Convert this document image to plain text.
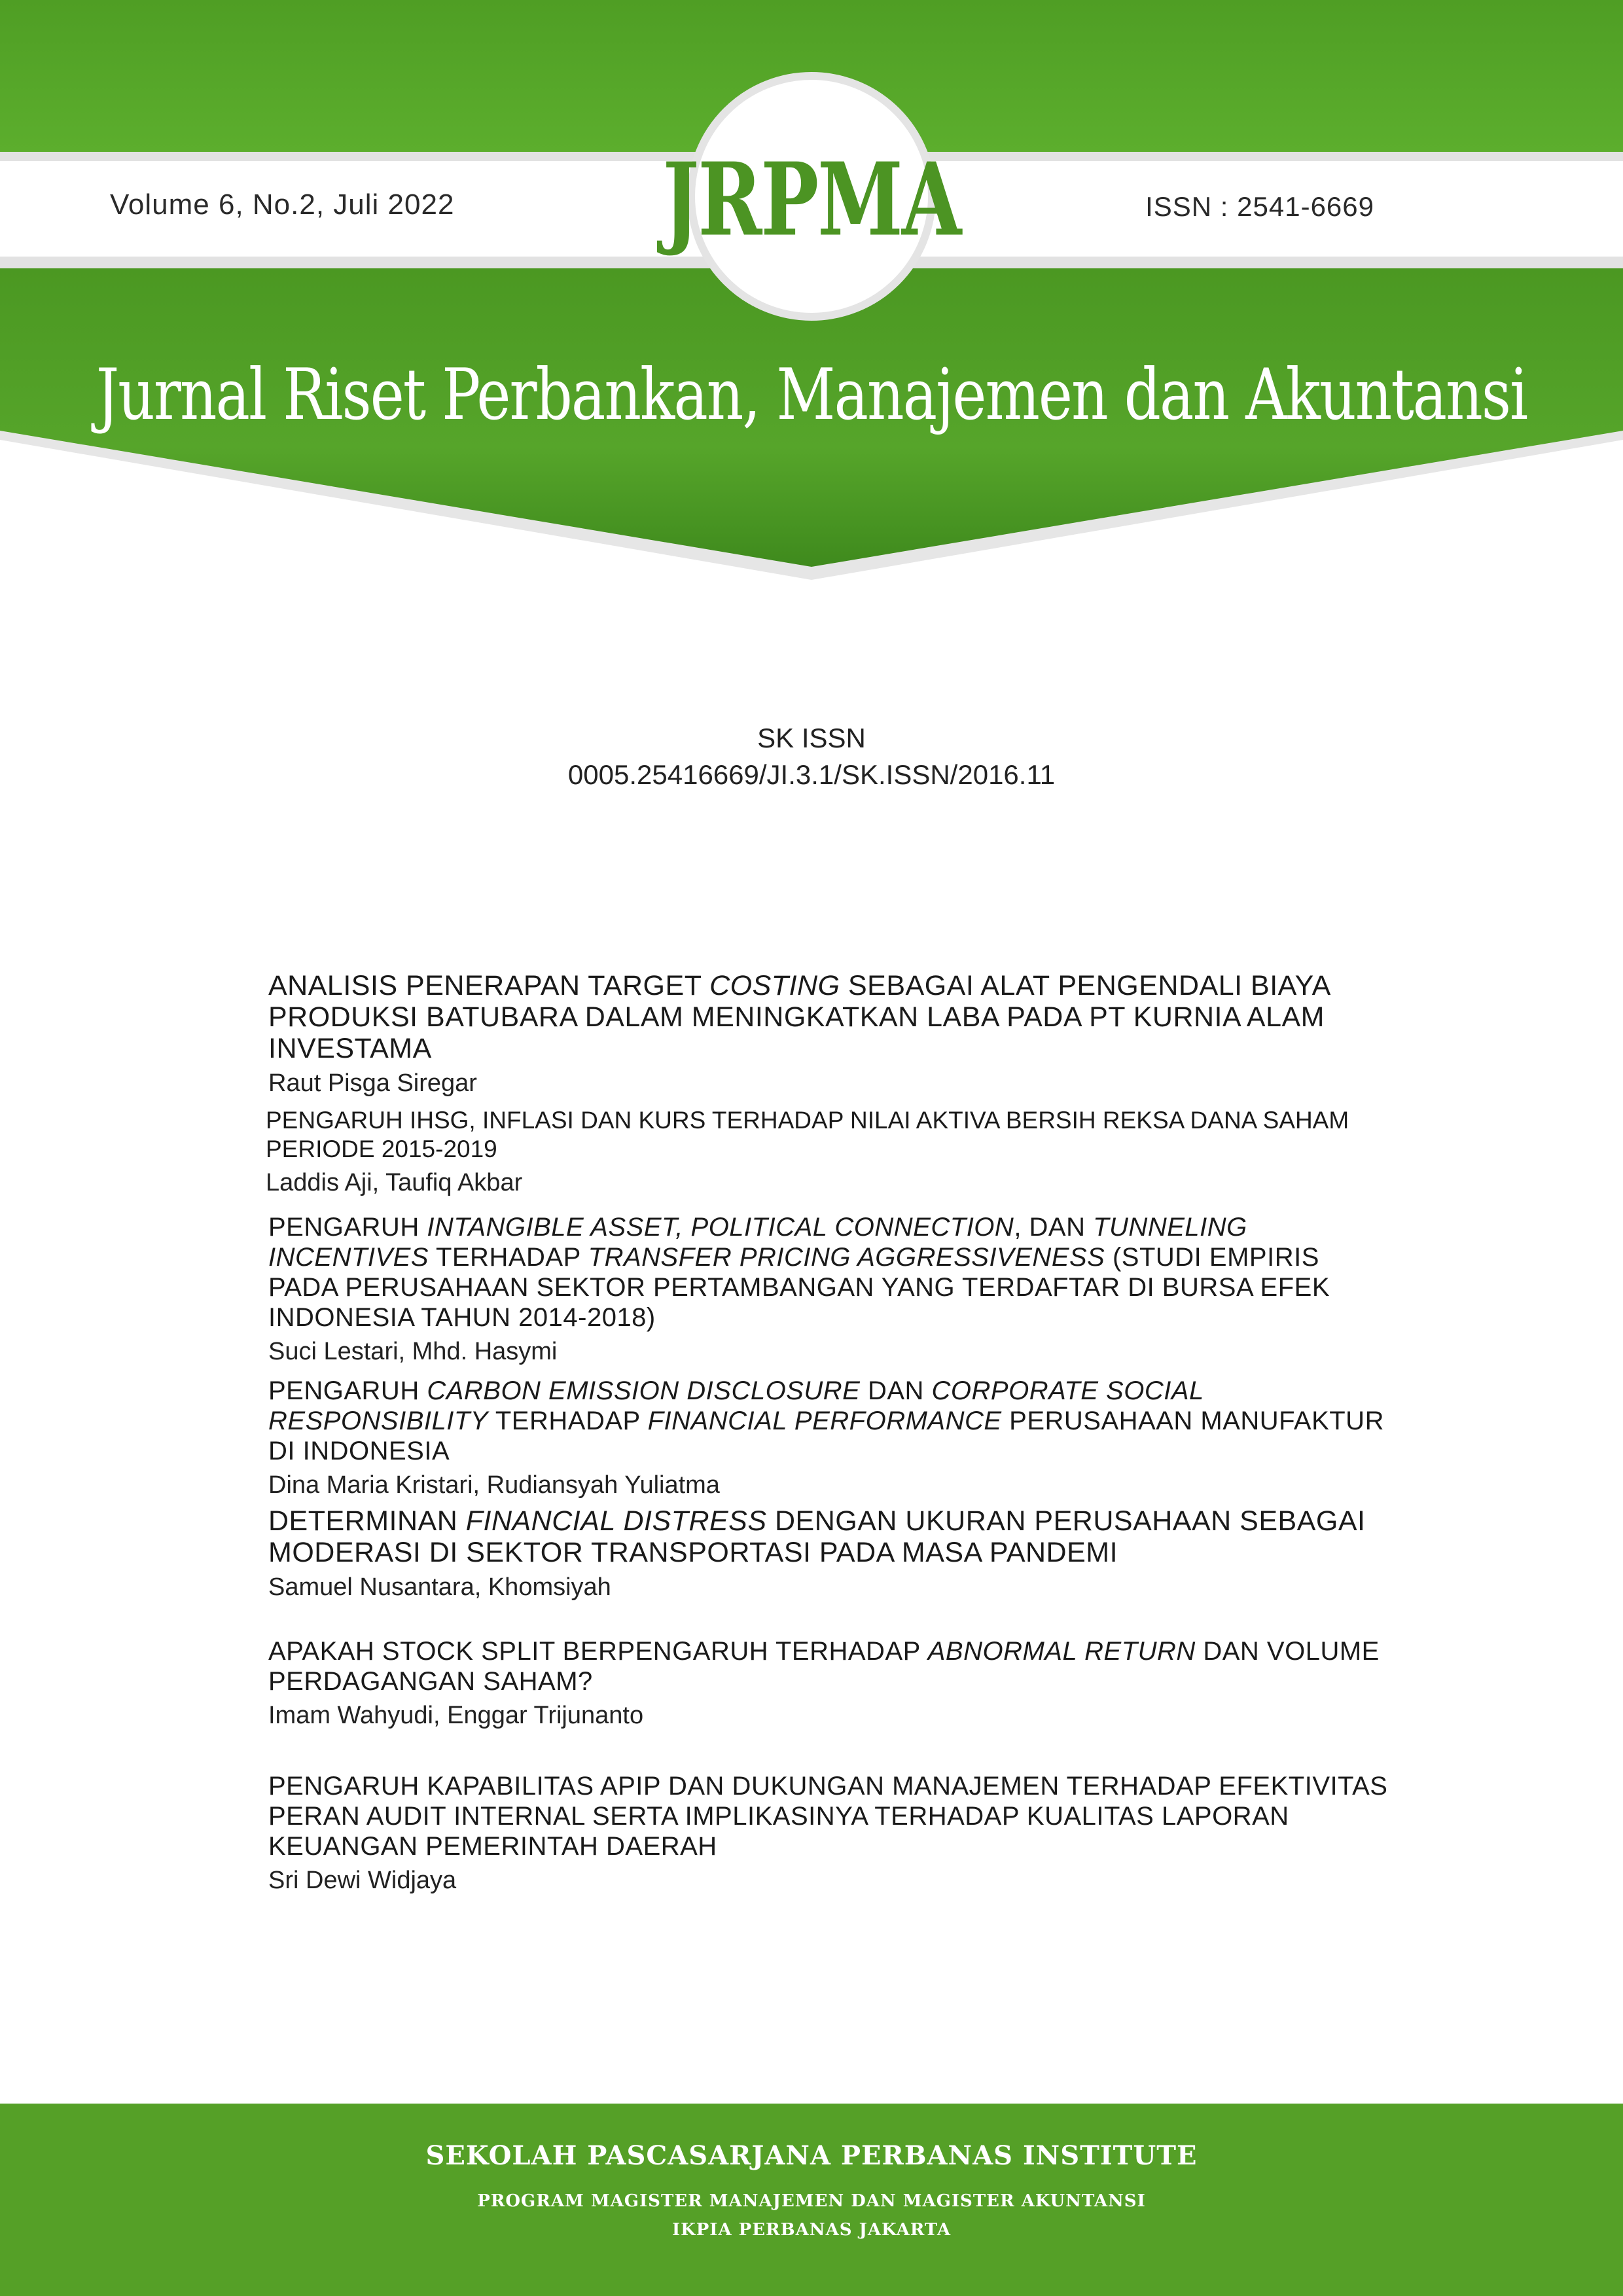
Volume 6, No.2, Juli 2022	ISSN : 2541-6669
JRPMA
Jurnal Riset Perbankan, Manajemen dan Akuntansi
SK ISSN
0005.25416669/JI.3.1/SK.ISSN/2016.11
ANALISIS PENERAPAN TARGET COSTING SEBAGAI ALAT PENGENDALI BIAYA PRODUKSI BATUBARA DALAM MENINGKATKAN LABA PADA PT KURNIA ALAM INVESTAMA
Raut Pisga Siregar
PENGARUH IHSG, INFLASI DAN KURS TERHADAP NILAI AKTIVA BERSIH REKSA DANA SAHAM PERIODE 2015-2019
Laddis Aji, Taufiq Akbar
PENGARUH INTANGIBLE ASSET, POLITICAL CONNECTION, DAN TUNNELING INCENTIVES TERHADAP TRANSFER PRICING AGGRESSIVENESS (STUDI EMPIRIS PADA PERUSAHAAN SEKTOR PERTAMBANGAN YANG TERDAFTAR DI BURSA EFEK INDONESIA TAHUN 2014-2018)
Suci Lestari, Mhd. Hasymi
PENGARUH CARBON EMISSION DISCLOSURE DAN CORPORATE SOCIAL RESPONSIBILITY TERHADAP FINANCIAL PERFORMANCE PERUSAHAAN MANUFAKTUR DI INDONESIA
Dina Maria Kristari, Rudiansyah Yuliatma
DETERMINAN FINANCIAL DISTRESS DENGAN UKURAN PERUSAHAAN SEBAGAI MODERASI DI SEKTOR TRANSPORTASI PADA MASA PANDEMI
Samuel Nusantara, Khomsiyah
APAKAH STOCK SPLIT BERPENGARUH TERHADAP ABNORMAL RETURN DAN VOLUME PERDAGANGAN SAHAM?
Imam Wahyudi, Enggar Trijunanto
PENGARUH KAPABILITAS APIP DAN DUKUNGAN MANAJEMEN TERHADAP EFEKTIVITAS PERAN AUDIT INTERNAL SERTA IMPLIKASINYA TERHADAP KUALITAS LAPORAN KEUANGAN PEMERINTAH DAERAH
Sri Dewi Widjaya
SEKOLAH PASCASARJANA PERBANAS INSTITUTE
PROGRAM MAGISTER MANAJEMEN DAN MAGISTER AKUNTANSI
IKPIA PERBANAS JAKARTA
